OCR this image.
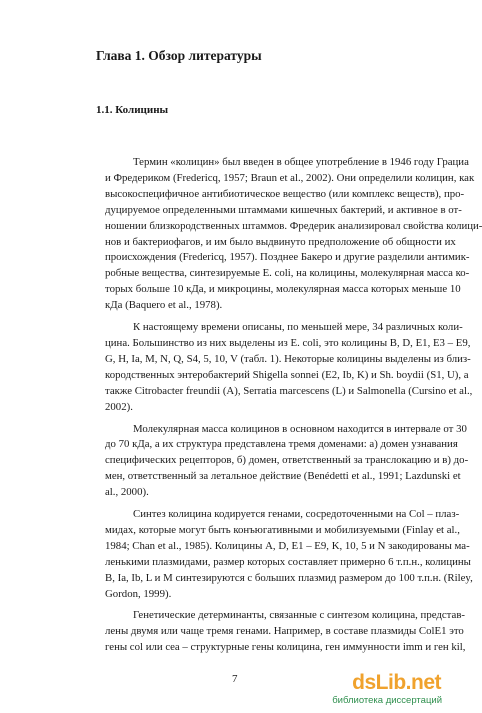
Глава 1. Обзор литературы
1.1. Колицины
Термин «колицин» был введен в общее употребление в 1946 году Грациа
и Фредериком (Fredericq, 1957; Braun et al., 2002). Они определили колицин, как
высокоспецифичное антибиотическое вещество (или комплекс веществ), про-
дуцируемое определенными штаммами кишечных бактерий, и активное в от-
ношении близкородственных штаммов. Фредерик анализировал свойства колици-
нов и бактериофагов, и им было выдвинуто предположение об общности их
происхождения (Fredericq, 1957). Позднее Бакеро и другие разделили антимик-
робные вещества, синтезируемые E. coli, на колицины, молекулярная масса ко-
торых больше 10 кДа, и микроцины, молекулярная масса которых меньше 10
кДа (Baquero et al., 1978).
К настоящему времени описаны, по меньшей мере, 34 различных коли-
цина. Большинство из них выделены из E. coli, это колицины B, D, E1, E3 – E9,
G, H, Ia, M, N, Q, S4, 5, 10, V (табл. 1). Некоторые колицины выделены из близ-
кородственных энтеробактерий Shigella sonnei (E2, Ib, K) и Sh. boydii (S1, U), а
также Citrobacter freundii (A), Serratia marcescens (L) и Salmonella (Cursino et al.,
2002).
Молекулярная масса колицинов в основном находится в интервале от 30
до 70 кДа, а их структура представлена тремя доменами: а) домен узнавания
специфических рецепторов, б) домен, ответственный за транслокацию и в) до-
мен, ответственный за летальное действие (Benédetti et al., 1991; Lazdunski et
al., 2000).
Синтез колицина кодируется генами, сосредоточенными на Col – плаз-
мидах, которые могут быть конъюгативными и мобилизуемыми (Finlay et al.,
1984; Chan et al., 1985). Колицины A, D, E1 – E9, K, 10, 5 и N закодированы ма-
ленькими плазмидами, размер которых составляет примерно 6 т.п.н., колицины
B, Ia, Ib, L и M синтезируются с больших плазмид размером до 100 т.п.н. (Riley,
Gordon, 1999).
Генетические детерминанты, связанные с синтезом колицина, представ-
лены двумя или чаще тремя генами. Например, в составе плазмиды ColE1 это
гены col или cea – структурные гены колицина, ген иммунности imm и ген kil,
7	dsLib.net
библиотека диссертаций
